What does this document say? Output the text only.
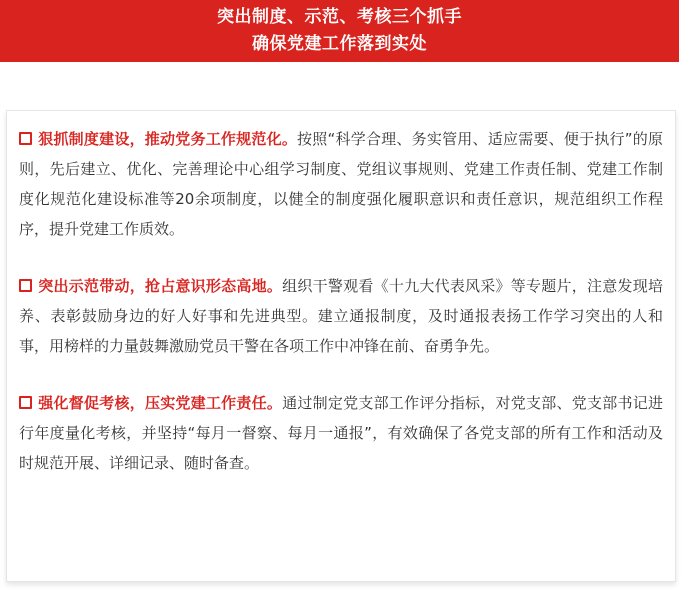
突出制度、示范、考核三个抓手
确保党建工作落到实处

狠抓制度建设，推动党务工作规范化。按照“科学合理、务实管用、适应需要、便于执行”的原则，先后建立、优化、完善理论中心组学习制度、党组议事规则、党建工作责任制、党建工作制度化规范化建设标准等20余项制度，以健全的制度强化履职意识和责任意识，规范组织工作程序，提升党建工作质效。

突出示范带动，抢占意识形态高地。组织干警观看《十九大代表风采》等专题片，注意发现培养、表彰鼓励身边的好人好事和先进典型。建立通报制度，及时通报表扬工作学习突出的人和事，用榜样的力量鼓舞激励党员干警在各项工作中冲锋在前、奋勇争先。

强化督促考核，压实党建工作责任。通过制定党支部工作评分指标，对党支部、党支部书记进行年度量化考核，并坚持“每月一督察、每月一通报”，有效确保了各党支部的所有工作和活动及时规范开展、详细记录、随时备查。
